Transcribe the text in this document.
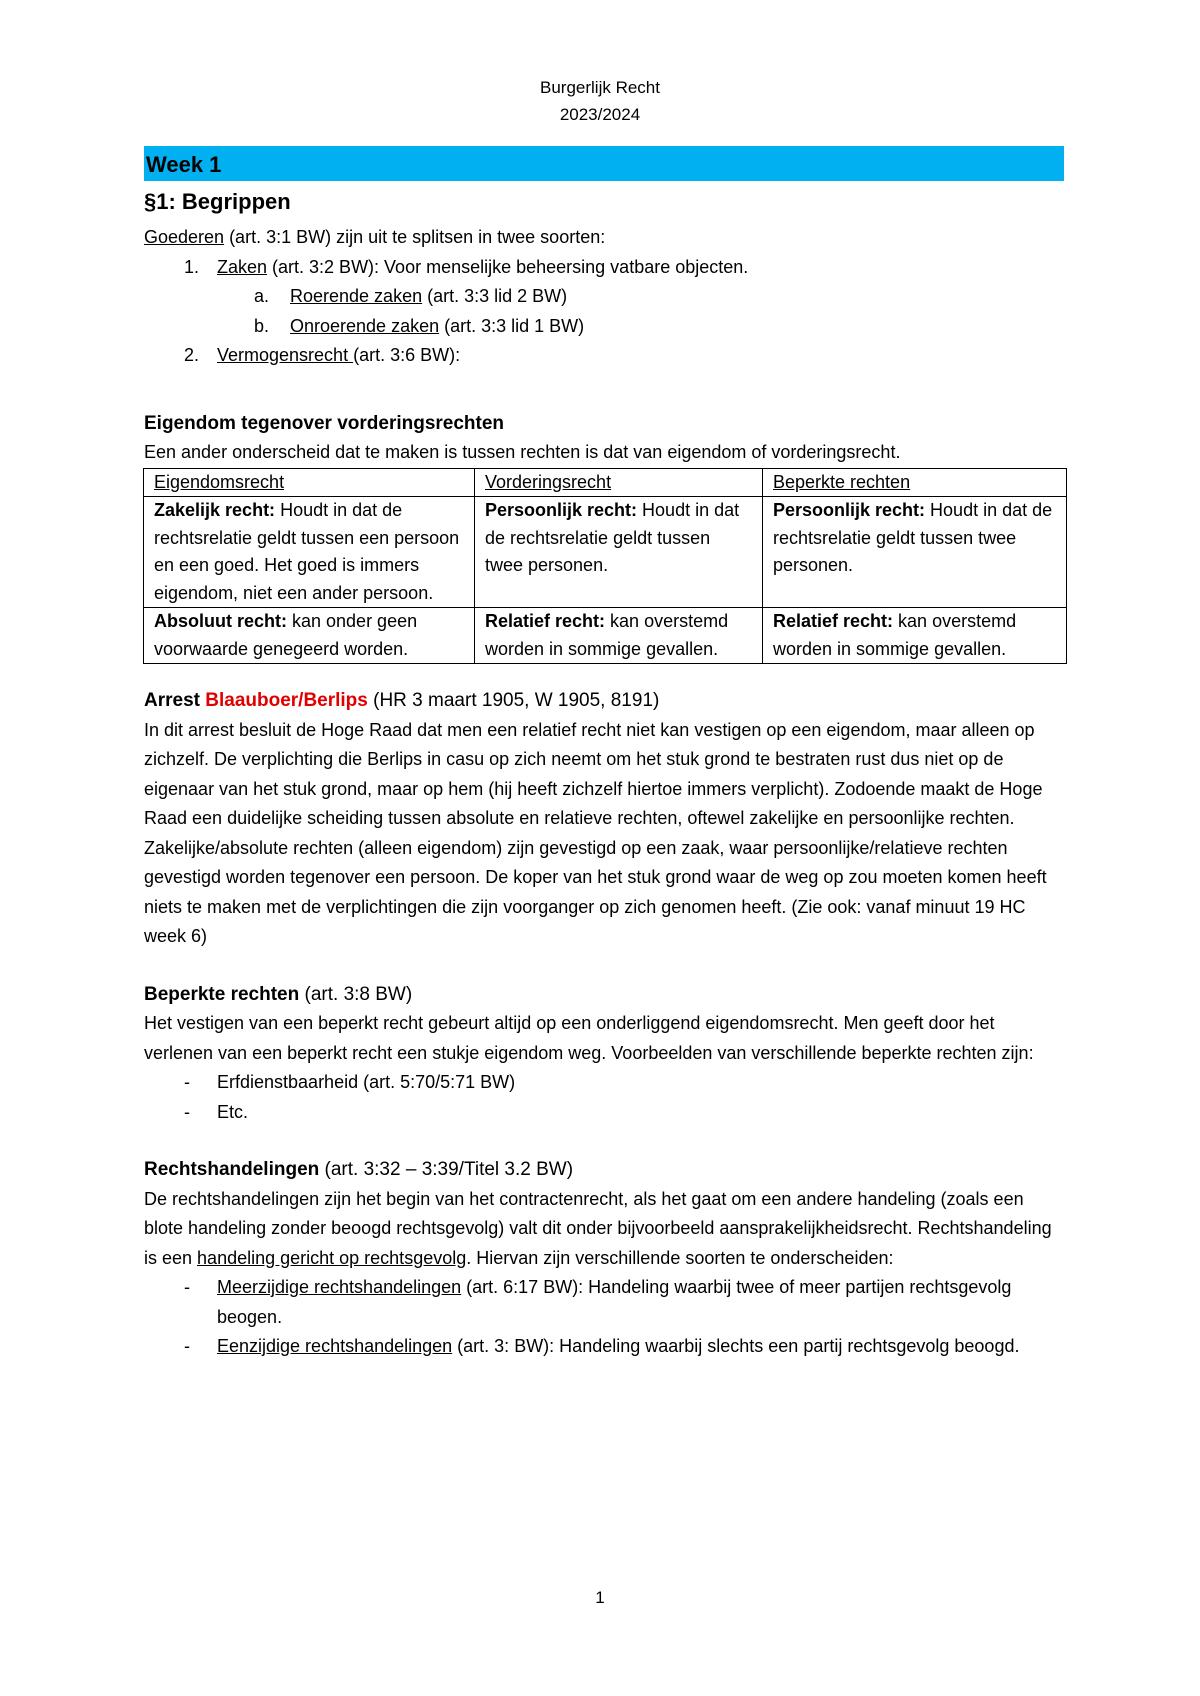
Burgerlijk Recht
2023/2024
Week 1
§1: Begrippen
Goederen (art. 3:1 BW) zijn uit te splitsen in twee soorten:
1. Zaken (art. 3:2 BW): Voor menselijke beheersing vatbare objecten.
a. Roerende zaken (art. 3:3 lid 2 BW)
b. Onroerende zaken (art. 3:3 lid 1 BW)
2. Vermogensrecht (art. 3:6 BW):
Eigendom tegenover vorderingsrechten
Een ander onderscheid dat te maken is tussen rechten is dat van eigendom of vorderingsrecht.
Eigendomsrecht	Vorderingsrecht	Beperkte rechten
Zakelijk recht: Houdt in dat de rechtsrelatie geldt tussen een persoon en een goed. Het goed is immers eigendom, niet een ander persoon.	Persoonlijk recht: Houdt in dat de rechtsrelatie geldt tussen twee personen.	Persoonlijk recht: Houdt in dat de rechtsrelatie geldt tussen twee personen.
Absoluut recht: kan onder geen voorwaarde genegeerd worden.	Relatief recht: kan overstemd worden in sommige gevallen.	Relatief recht: kan overstemd worden in sommige gevallen.
Arrest Blaauboer/Berlips (HR 3 maart 1905, W 1905, 8191)
In dit arrest besluit de Hoge Raad dat men een relatief recht niet kan vestigen op een eigendom, maar alleen op zichzelf. De verplichting die Berlips in casu op zich neemt om het stuk grond te bestraten rust dus niet op de eigenaar van het stuk grond, maar op hem (hij heeft zichzelf hiertoe immers verplicht). Zodoende maakt de Hoge Raad een duidelijke scheiding tussen absolute en relatieve rechten, oftewel zakelijke en persoonlijke rechten. Zakelijke/absolute rechten (alleen eigendom) zijn gevestigd op een zaak, waar persoonlijke/relatieve rechten gevestigd worden tegenover een persoon. De koper van het stuk grond waar de weg op zou moeten komen heeft niets te maken met de verplichtingen die zijn voorganger op zich genomen heeft. (Zie ook: vanaf minuut 19 HC week 6)
Beperkte rechten (art. 3:8 BW)
Het vestigen van een beperkt recht gebeurt altijd op een onderliggend eigendomsrecht. Men geeft door het verlenen van een beperkt recht een stukje eigendom weg. Voorbeelden van verschillende beperkte rechten zijn:
- Erfdienstbaarheid (art. 5:70/5:71 BW)
- Etc.
Rechtshandelingen (art. 3:32 – 3:39/Titel 3.2 BW)
De rechtshandelingen zijn het begin van het contractenrecht, als het gaat om een andere handeling (zoals een blote handeling zonder beoogd rechtsgevolg) valt dit onder bijvoorbeeld aansprakelijkheidsrecht. Rechtshandeling is een handeling gericht op rechtsgevolg. Hiervan zijn verschillende soorten te onderscheiden:
- Meerzijdige rechtshandelingen (art. 6:17 BW): Handeling waarbij twee of meer partijen rechtsgevolg beogen.
- Eenzijdige rechtshandelingen (art. 3: BW): Handeling waarbij slechts een partij rechtsgevolg beoogd.
1
